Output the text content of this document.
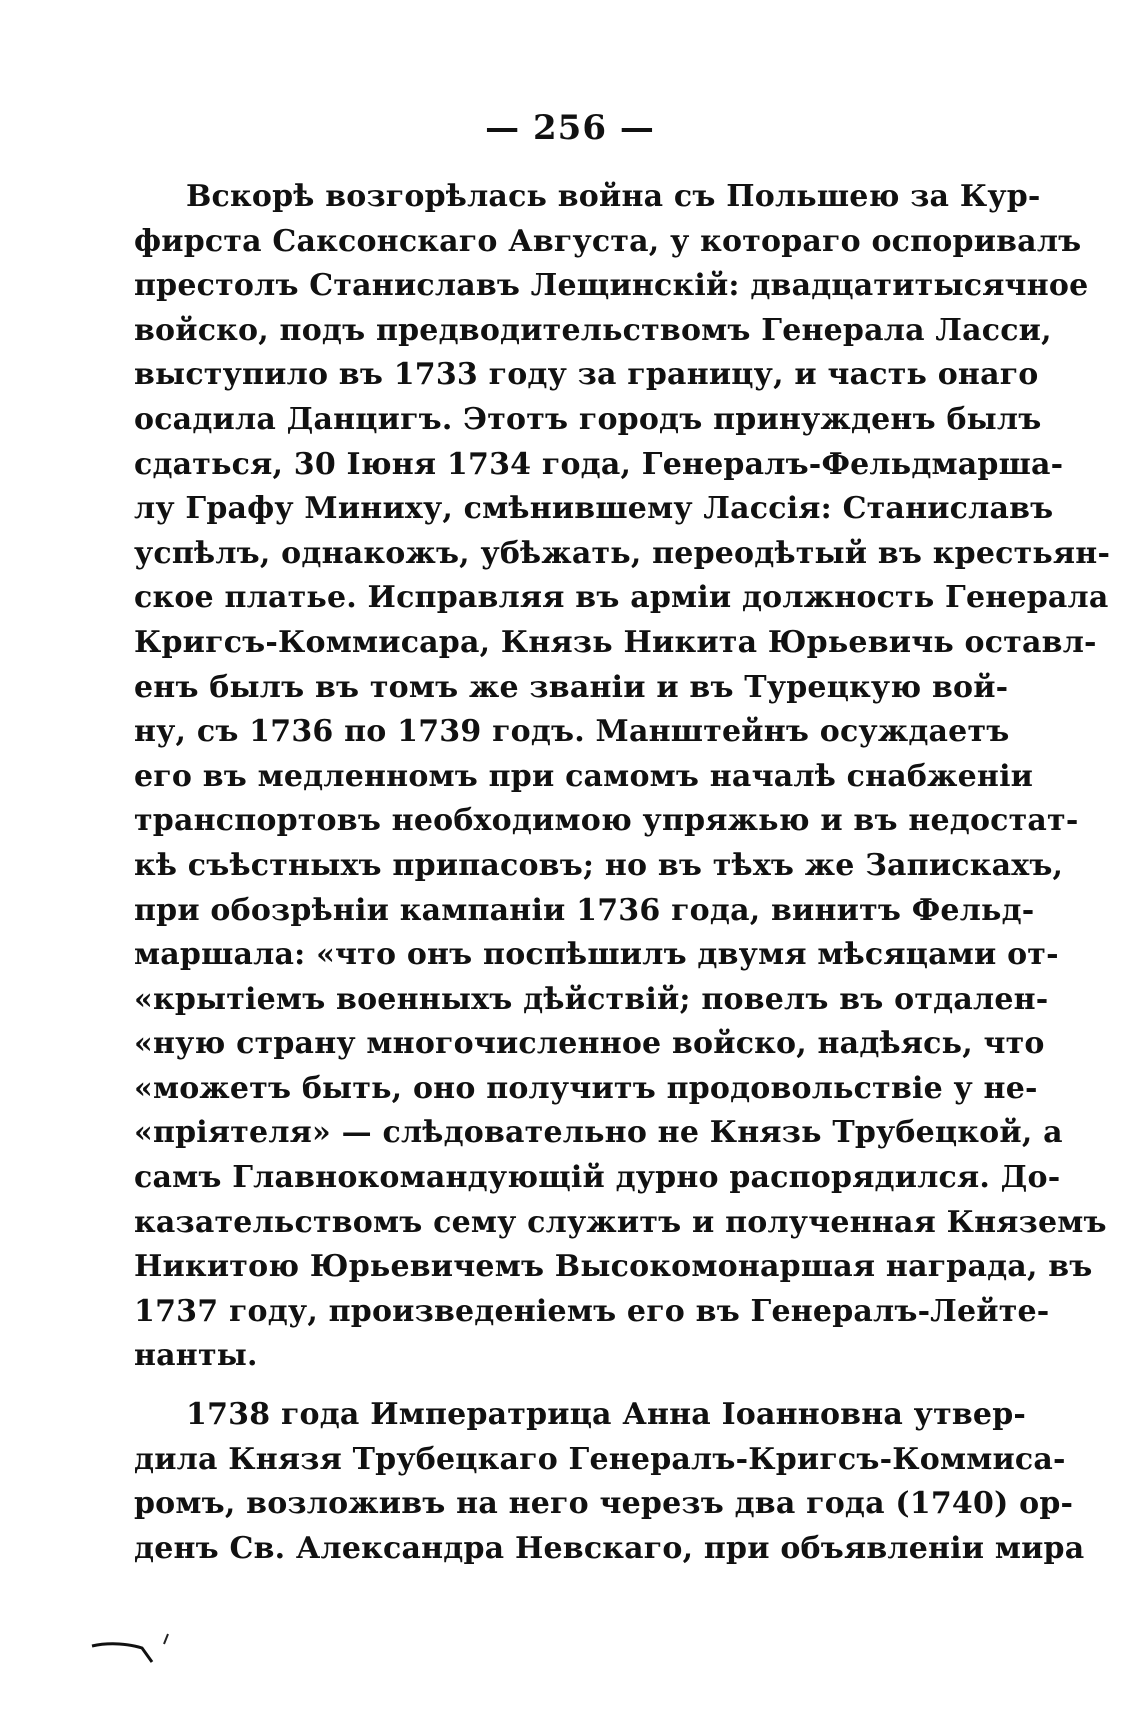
— 256 —
Вскорѣ возгорѣлась война съ Польшею за Кур-
фирста Саксонскаго Августа, у котораго оспоривалъ
престолъ Станиславъ Лещинскій: двадцатитысячное
войско, подъ предводительствомъ Генерала Ласси,
выступило въ 1733 году за границу, и часть онаго
осадила Данцигъ. Этотъ городъ принужденъ былъ
сдаться, 30 Іюня 1734 года, Генералъ-Фельдмарша-
лу Графу Миниху, смѣнившему Лассія: Станиславъ
успѣлъ, однакожъ, убѣжать, переодѣтый въ крестьян-
ское платье. Исправляя въ арміи должность Генерала
Кригсъ-Коммисара, Князь Никита Юрьевичь оставл-
енъ былъ въ томъ же званіи и въ Турецкую вой-
ну, съ 1736 по 1739 годъ. Манштейнъ осуждаетъ
его въ медленномъ при самомъ началѣ снабженіи
транспортовъ необходимою упряжью и въ недостат-
кѣ съѣстныхъ припасовъ; но въ тѣхъ же Запискахъ,
при обозрѣніи кампаніи 1736 года, винитъ Фельд-
маршала: «что онъ поспѣшилъ двумя мѣсяцами от-
«крытіемъ военныхъ дѣйствій; повелъ въ отдален-
«ную страну многочисленное войско, надѣясь, что
«можетъ быть, оно получитъ продовольствіе у не-
«пріятеля» — слѣдовательно не Князь Трубецкой, а
самъ Главнокомандующій дурно распорядился. До-
казательствомъ сему служитъ и полученная Княземъ
Никитою Юрьевичемъ Высокомонаршая награда, въ
1737 году, произведеніемъ его въ Генералъ-Лейте-
нанты.
1738 года Императрица Анна Іоанновна утвер-
дила Князя Трубецкаго Генералъ-Кригсъ-Коммиса-
ромъ, возложивъ на него черезъ два года (1740) ор-
денъ Св. Александра Невскаго, при объявленіи мира
